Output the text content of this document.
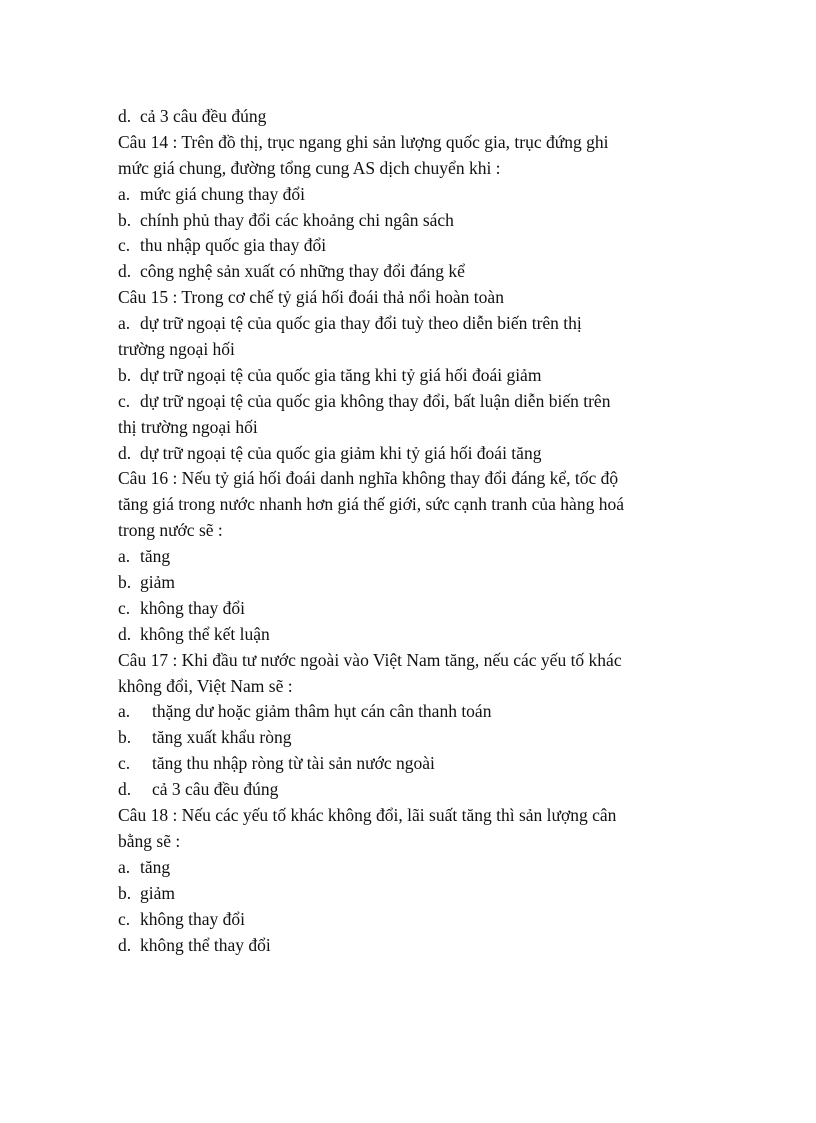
d. cả 3 câu đều đúng
Câu 14 : Trên đồ thị, trục ngang ghi sản lượng quốc gia, trục đứng ghi
mức giá chung, đường tổng cung AS dịch chuyển khi :
a. mức giá chung thay đổi
b. chính phủ thay đổi các khoảng chi ngân sách
c. thu nhập quốc gia thay đổi
d. công nghệ sản xuất có những thay đổi đáng kể
Câu 15 : Trong cơ chế tỷ giá hối đoái thả nổi hoàn toàn
a. dự trữ ngoại tệ của quốc gia thay đổi tuỳ theo diễn biến trên thị
trường ngoại hối
b. dự trữ ngoại tệ của quốc gia tăng khi tỷ giá hối đoái giảm
c. dự trữ ngoại tệ của quốc gia không thay đổi, bất luận diễn biến trên
thị trường ngoại hối
d. dự trữ ngoại tệ của quốc gia giảm khi tỷ giá hối đoái tăng
Câu 16 : Nếu tỷ giá hối đoái danh nghĩa không thay đổi đáng kể, tốc độ
tăng giá trong nước nhanh hơn giá thế giới, sức cạnh tranh của hàng hoá
trong nước sẽ :
a. tăng
b. giảm
c. không thay đổi
d. không thể kết luận
Câu 17 : Khi đầu tư nước ngoài vào Việt Nam tăng, nếu các yếu tố khác
không đổi, Việt Nam sẽ :
a. thặng dư hoặc giảm thâm hụt cán cân thanh toán
b. tăng xuất khẩu ròng
c. tăng thu nhập ròng từ tài sản nước ngoài
d. cả 3 câu đều đúng
Câu 18 : Nếu các yếu tố khác không đổi, lãi suất tăng thì sản lượng cân
bằng sẽ :
a. tăng
b. giảm
c. không thay đổi
d. không thể thay đổi
